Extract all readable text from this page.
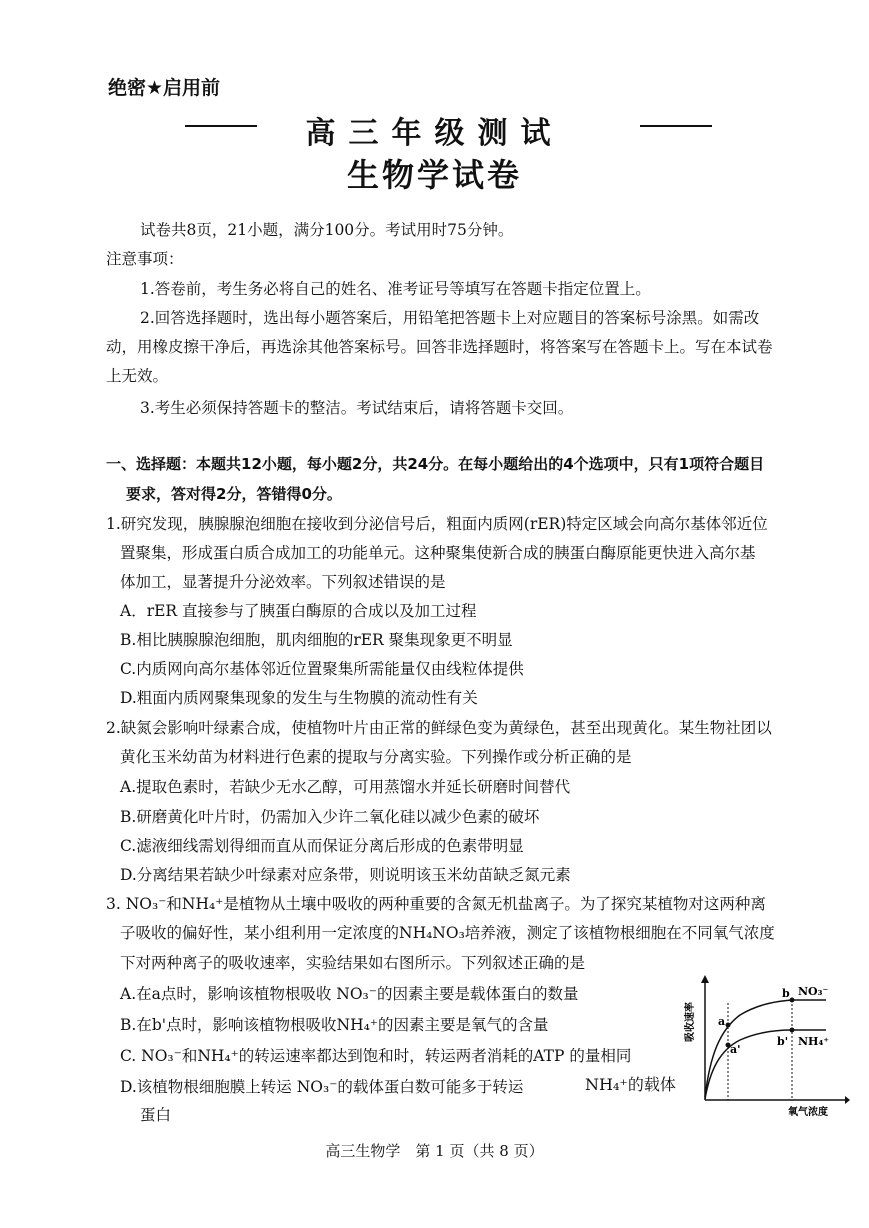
绝密★启用前
高三年级测试
生物学试卷
试卷共8页，21小题，满分100分。考试用时75分钟。
注意事项：
1.答卷前，考生务必将自己的姓名、准考证号等填写在答题卡指定位置上。
2.回答选择题时，选出每小题答案后，用铅笔把答题卡上对应题目的答案标号涂黑。如需改
动，用橡皮擦干净后，再选涂其他答案标号。回答非选择题时，将答案写在答题卡上。写在本试卷
上无效。
3.考生必须保持答题卡的整洁。考试结束后，请将答题卡交回。
一、选择题：本题共12小题，每小题2分，共24分。在每小题给出的4个选项中，只有1项符合题目
要求，答对得2分，答错得0分。
1.研究发现，胰腺腺泡细胞在接收到分泌信号后，粗面内质网(rER)特定区域会向高尔基体邻近位
置聚集，形成蛋白质合成加工的功能单元。这种聚集使新合成的胰蛋白酶原能更快进入高尔基
体加工，显著提升分泌效率。下列叙述错误的是
A．rER 直接参与了胰蛋白酶原的合成以及加工过程
B.相比胰腺腺泡细胞，肌肉细胞的rER 聚集现象更不明显
C.内质网向高尔基体邻近位置聚集所需能量仅由线粒体提供
D.粗面内质网聚集现象的发生与生物膜的流动性有关
2.缺氮会影响叶绿素合成，使植物叶片由正常的鲜绿色变为黄绿色，甚至出现黄化。某生物社团以
黄化玉米幼苗为材料进行色素的提取与分离实验。下列操作或分析正确的是
A.提取色素时，若缺少无水乙醇，可用蒸馏水并延长研磨时间替代
B.研磨黄化叶片时，仍需加入少许二氧化硅以减少色素的破坏
C.滤液细线需划得细而直从而保证分离后形成的色素带明显
D.分离结果若缺少叶绿素对应条带，则说明该玉米幼苗缺乏氮元素
3. NO₃⁻和NH₄⁺是植物从土壤中吸收的两种重要的含氮无机盐离子。为了探究某植物对这两种离
子吸收的偏好性，某小组利用一定浓度的NH₄NO₃培养液，测定了该植物根细胞在不同氧气浓度
下对两种离子的吸收速率，实验结果如右图所示。下列叙述正确的是
A.在a点时，影响该植物根吸收 NO₃⁻的因素主要是载体蛋白的数量
B.在b'点时，影响该植物根吸收NH₄⁺的因素主要是氧气的含量
C. NO₃⁻和NH₄⁺的转运速率都达到饱和时，转运两者消耗的ATP 的量相同
D.该植物根细胞膜上转运 NO₃⁻的载体蛋白数可能多于转运	NH₄⁺的载体
蛋白
a
a'
b
b'
NO₃⁻
NH₄⁺
吸收速率
氧气浓度
高三生物学　第 1 页（共 8 页）
